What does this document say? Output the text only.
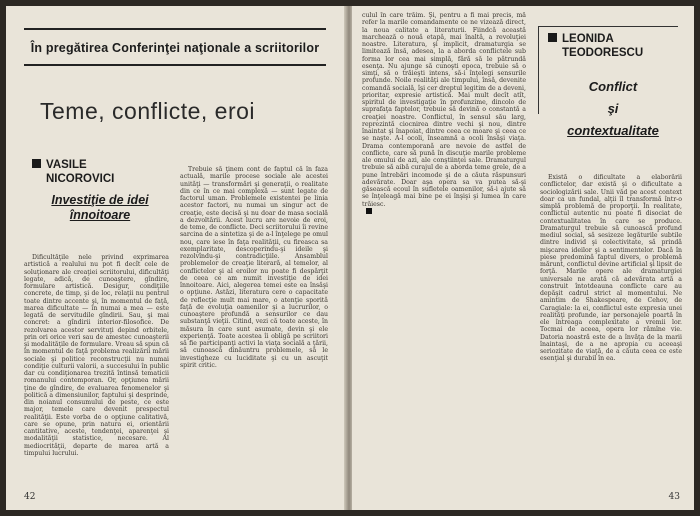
În pregătirea Conferinţei naţionale a scriitorilor
Teme, conflicte, eroi
VASILE
NICOROVICI
Investiţie de idei înnoitoare

Dificultăţile nele privind exprimarea artistică a realului nu pot fi decît cele de soluţionare ale creaţiei scriitorului, dificultăţi legate, adică, de cunoaştere, gîndire, formulare artistică. Desigur, condiţiile concrete, de timp, şi de loc, relaţii nu pentrul toate dintre accente şi, în momentul de faţă, marea dificultate — în numai a mea — este legată de servitudile gîndirii. Sau, şi mai concret: a gîndirii interior-filosofice. De rezolvarea acestor servituţi depind orbitele, prin ori orice veri sau de amestec cunoaşterii şi modalităţile de formulare. Vreau să spun că în momentul de faţă problema realizării mării sociale şi politice reconstrucţii nu numai condiţie culturii valorii, a succesului în public dar cu condiţionarea trezită întinsă tematicii romanului contemporan. Or, opţiunea mării ţine de gîndire, de evaluarea fenomenelor şi politică a dimensiunilor, faptului şi desprinde, din noianul consumului de peste, ce este major, temele care devenit prespectul realităţii. Este vorba de o opţiune calitativă, care se opune, prin natura ei, orientării cantitative, aceste, tendenţei, aparenţei şi modalităţii statistice, necesare. Al mediocrităţii, departe de marea artă a timpului lucrului.

Trebuie să ţinem cont de faptul că în faza actuală, marile procese sociale ale acestei unităţi — transformări şi generaţii, o realitate din ce în ce mai complexă — sunt legate de factorul uman. Problemele existentei pe linia acestor factori, nu numai un singur act de creaţie, este decisă şi nu doar de masa socială a dezvoltării. Acest lucru are nevoie de eroi, de teme, de conflicte. Deci scriitorului îi revine sarcina de a sintetiza şi de a-l înţelege pe omul nou, care iese în faţa realităţii, cu fireasca sa exemplaritate, descoperindu-şi ideile şi rezolvîndu-şi contradicţiile. Ansamblul problemelor de creaţie literară, al temelor, al conflictelor şi al eroilor nu poate fi despărţit de ceea ce am numit investiţie de idei înnoitoare. Aici, alegerea temei este ea însăşi o opţiune. Astăzi, literatura cere o capacitate de reflecţie mult mai mare, o atenţie sporită faţă de evoluţia oamenilor şi a lucrurilor, o cunoaştere profundă a sensurilor ce dau substanţă vieţii. Citind, vezi că toate aceste, în măsura în care sunt asumate, devin şi ele experienţă. Toate acestea îi obligă pe scriitori să fie participanţi activi la viaţa socială a ţării, să cunoască dinăuntru problemele, să le investigheze cu luciditate şi cu un ascuţit spirit critic.

42

culul în care trăim. Şi, pentru a fi mai precis, mă refer la marile comandamente ce ne vizează direct, la noua calitate a literaturii. Fiindcă această marchează o nouă etapă, mai înaltă, a revoluţiei noastre. Literatura, şi implicit, dramaturgia se limitează însă, adesea, la a aborda conflictele sub forma lor cea mai simplă, fără să le pătrundă esenţa. Nu ajunge să cunoşti epoca, trebuie să o simţi, să o trăieşti intens, să-i înţelegi sensurile profunde. Noile realităţi ale timpului, însă, devenite comandă socială, îşi cer dreptul legitim de a deveni, prioritar, expresie artistică. Mai mult decît atît, spiritul de investigaţie în profunzime, dincolo de suprafaţa faptelor, trebuie să devină o constantă a creaţiei noastre. Conflictul, în sensul său larg, reprezintă ciocnirea dintre vechi şi nou, dintre înaintat şi înapoiat, dintre ceea ce moare şi ceea ce se naşte. A-l ocoli, înseamnă a ocoli însăşi viaţa. Drama contemporană are nevoie de astfel de conflicte, care să pună în discuţie marile probleme ale omului de azi, ale conştiinţei sale. Dramaturgul trebuie să aibă curajul de a aborda teme grele, de a pune întrebări incomode şi de a căuta răspunsuri adevărate. Doar aşa opera sa va putea să-şi găsească ecoul în sufletele oamenilor, să-i ajute să se înţeleagă mai bine pe ei înşişi şi lumea în care trăiesc.

LEONIDA
TEODORESCU
Conflict
şi
contextualitate

Există o dificultate a elaborării conflictelor, dar există şi o dificultate a sociologizării sale. Unii văd pe acest context doar ca un fundal, alţii îl transformă într-o simplă problemă de proporţii. În realitate, conflictul autentic nu poate fi disociat de contextualitatea în care se produce. Dramaturgul trebuie să cunoască profund mediul social, să sesizeze legăturile subtile dintre individ şi colectivitate, să prindă mişcarea ideilor şi a sentimentelor. Dacă în piese predomină faptul divers, o problemă mărunt, conflictul devine artificial şi lipsit de forţă. Marile opere ale dramaturgiei universale ne arată că adevărata artă a construit întotdeauna conflicte care au depăşit cadrul strict al momentului. Ne amintim de Shakespeare, de Cehov, de Caragiale: la ei, conflictul este expresia unei realităţi profunde, iar personajele poartă în ele întreaga complexitate a vremii lor. Tocmai de aceea, opera lor rămîne vie. Datoria noastră este de a învăţa de la marii înaintaşi, de a ne apropia cu aceeaşi seriozitate de viaţă, de a căuta ceea ce este esenţial şi durabil în ea.

43
